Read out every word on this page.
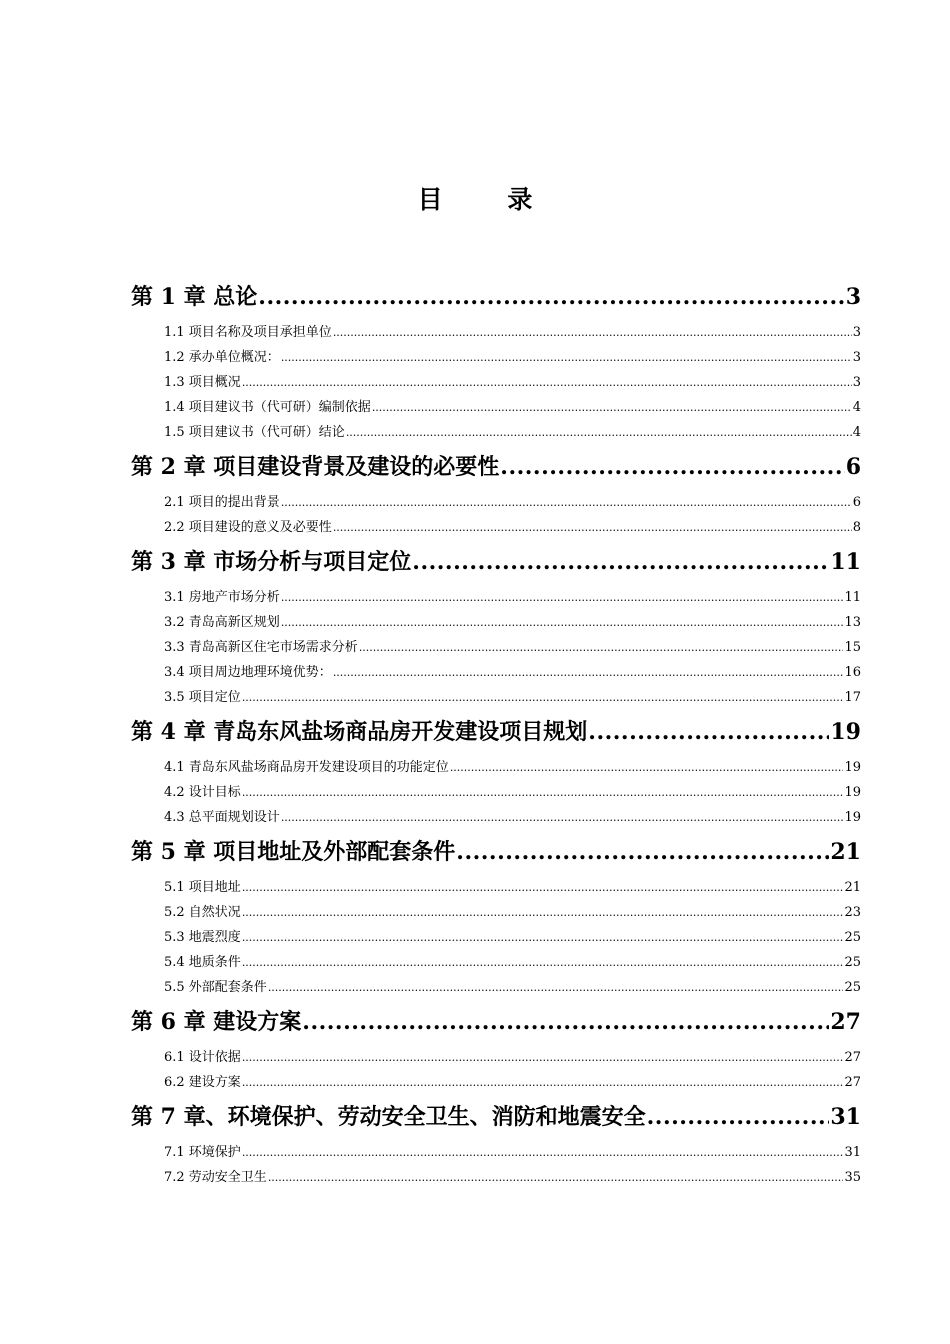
目 录
第 1 章 总论 .....	3
1.1 项目名称及项目承担单位 .....	3
1.2 承办单位概况： .....	3
1.3 项目概况 .....	3
1.4 项目建议书（代可研）编制依据 .....	4
1.5 项目建议书（代可研）结论 .....	4
第 2 章 项目建设背景及建设的必要性 .....	6
2.1 项目的提出背景 .....	6
2.2 项目建设的意义及必要性 .....	8
第 3 章 市场分析与项目定位 .....	11
3.1 房地产市场分析 .....	11
3.2 青岛高新区规划 .....	13
3.3 青岛高新区住宅市场需求分析 .....	15
3.4 项目周边地理环境优势： .....	16
3.5 项目定位 .....	17
第 4 章 青岛东风盐场商品房开发建设项目规划 .....	19
4.1 青岛东风盐场商品房开发建设项目的功能定位 .....	19
4.2 设计目标 .....	19
4.3 总平面规划设计 .....	19
第 5 章 项目地址及外部配套条件 .....	21
5.1 项目地址 .....	21
5.2 自然状况 .....	23
5.3 地震烈度 .....	25
5.4 地质条件 .....	25
5.5 外部配套条件 .....	25
第 6 章 建设方案 .....	27
6.1 设计依据 .....	27
6.2 建设方案 .....	27
第 7 章、环境保护、劳动安全卫生、消防和地震安全 .....	31
7.1 环境保护 .....	31
7.2 劳动安全卫生 .....	35
